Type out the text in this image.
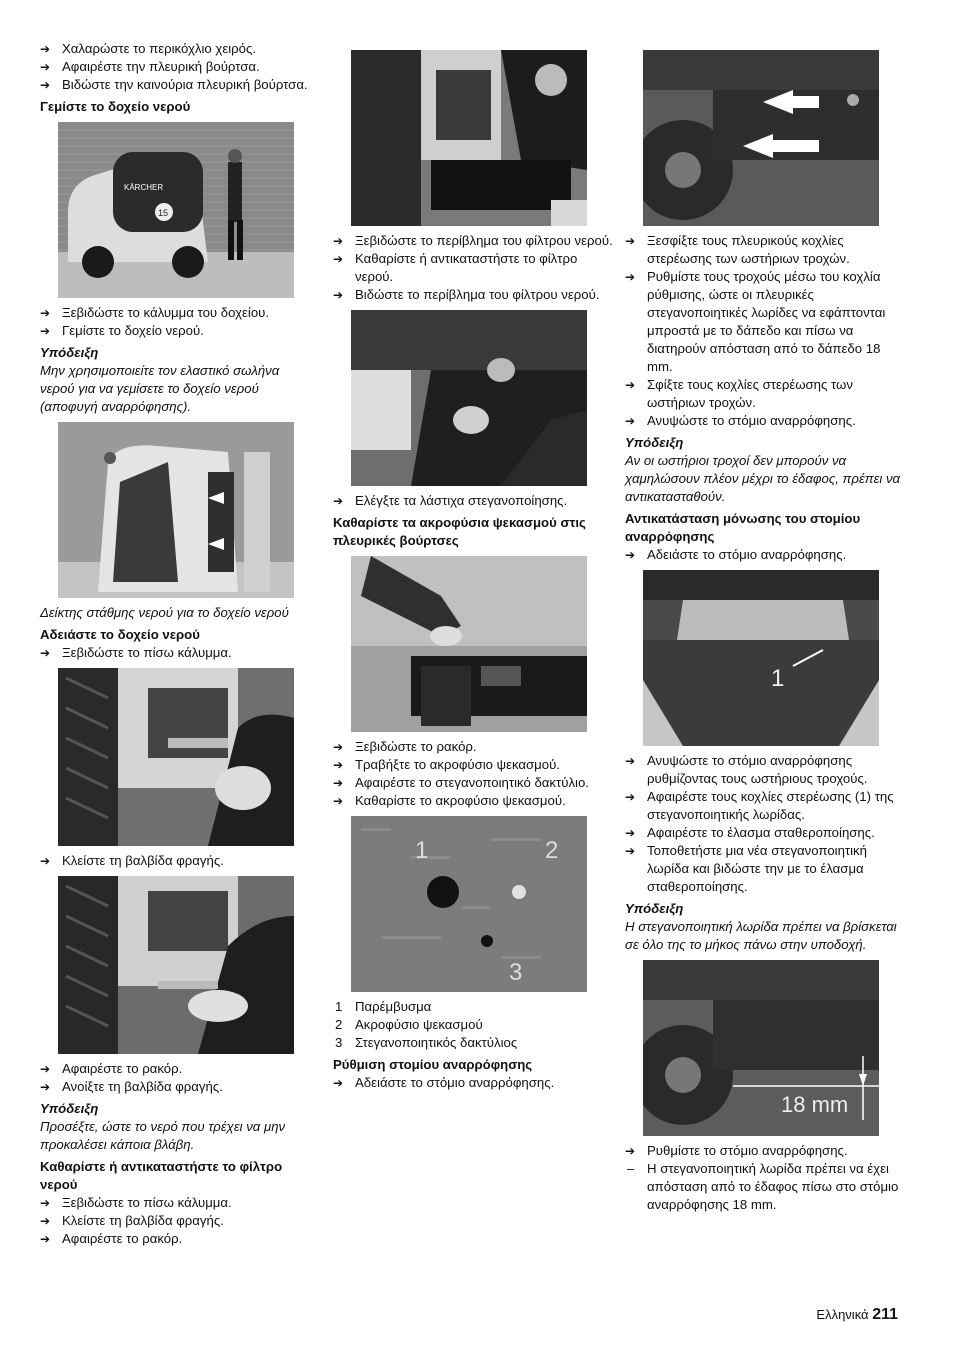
➔ Χαλαρώστε το περικόχλιο χειρός.
➔ Αφαιρέστε την πλευρική βούρτσα.
➔ Βιδώστε την καινούρια πλευρική βούρτσα.
Γεμίστε το δοχείο νερού
KÄRCHER
15
➔ Ξεβιδώστε το κάλυμμα του δοχείου.
➔ Γεμίστε το δοχείο νερού.
Υπόδειξη
Μην χρησιμοποιείτε τον ελαστικό σωλήνα νερού για να γεμίσετε το δοχείο νερού (αποφυγή αναρρόφησης).
Δείκτης στάθμης νερού για το δοχείο νερού
Αδειάστε το δοχείο νερού
➔ Ξεβιδώστε το πίσω κάλυμμα.
➔ Κλείστε τη βαλβίδα φραγής.
➔ Αφαιρέστε το ρακόρ.
➔ Ανοίξτε τη βαλβίδα φραγής.
Υπόδειξη
Προσέξτε, ώστε το νερό που τρέχει να μην προκαλέσει κάποια βλάβη.
Καθαρίστε ή αντικαταστήστε το φίλτρο νερού
➔ Ξεβιδώστε το πίσω κάλυμμα.
➔ Κλείστε τη βαλβίδα φραγής.
➔ Αφαιρέστε το ρακόρ.
➔ Ξεβιδώστε το περίβλημα του φίλτρου νερού.
➔ Καθαρίστε ή αντικαταστήστε το φίλτρο νερού.
➔ Βιδώστε το περίβλημα του φίλτρου νερού.
➔ Ελέγξτε τα λάστιχα στεγανοποίησης.
Καθαρίστε τα ακροφύσια ψεκασμού στις πλευρικές βούρτσες
➔ Ξεβιδώστε το ρακόρ.
➔ Τραβήξτε το ακροφύσιο ψεκασμού.
➔ Αφαιρέστε το στεγανοποιητικό δακτύλιο.
➔ Καθαρίστε το ακροφύσιο ψεκασμού.
1	2
3
1 Παρέμβυσμα
2 Ακροφύσιο ψεκασμού
3 Στεγανοποιητικός δακτύλιος
Ρύθμιση στομίου αναρρόφησης
➔ Αδειάστε το στόμιο αναρρόφησης.
➔ Ξεσφίξτε τους πλευρικούς κοχλίες στερέωσης των ωστήριων τροχών.
➔ Ρυθμίστε τους τροχούς μέσω του κοχλία ρύθμισης, ώστε οι πλευρικές στεγανοποιητικές λωρίδες να εφάπτονται μπροστά με το δάπεδο και πίσω να διατηρούν απόσταση από το δάπεδο 18 mm.
➔ Σφίξτε τους κοχλίες στερέωσης των ωστήριων τροχών.
➔ Ανυψώστε το στόμιο αναρρόφησης.
Υπόδειξη
Αν οι ωστήριοι τροχοί δεν μπορούν να χαμηλώσουν πλέον μέχρι το έδαφος, πρέπει να αντικατασταθούν.
Αντικατάσταση μόνωσης του στομίου αναρρόφησης
➔ Αδειάστε το στόμιο αναρρόφησης.
1
➔ Ανυψώστε το στόμιο αναρρόφησης ρυθμίζοντας τους ωστήριους τροχούς.
➔ Αφαιρέστε τους κοχλίες στερέωσης (1) της στεγανοποιητικής λωρίδας.
➔ Αφαιρέστε το έλασμα σταθεροποίησης.
➔ Τοποθετήστε μια νέα στεγανοποιητική λωρίδα και βιδώστε την με το έλασμα σταθεροποίησης.
Υπόδειξη
Η στεγανοποιητική λωρίδα πρέπει να βρίσκεται σε όλο της το μήκος πάνω στην υποδοχή.
18 mm
➔ Ρυθμίστε το στόμιο αναρρόφησης.
– Η στεγανοποιητική λωρίδα πρέπει να έχει απόσταση από το έδαφος πίσω στο στόμιο αναρρόφησης 18 mm.
Ελληνικά 211
